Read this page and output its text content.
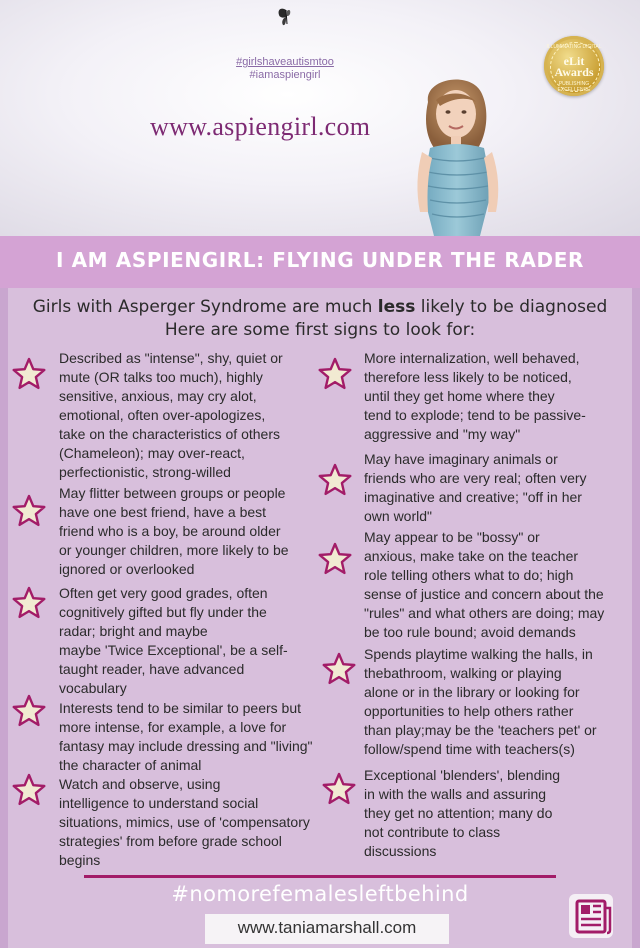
#girlshaveautismtoo
#iamaspiengirl
www.aspiengirl.com
ILLUMINATING DIGITAL
eLit
Awards
PUBLISHING EXCELLENCE
I AM ASPIENGIRL: FLYING UNDER THE RADER
Girls with Asperger Syndrome are much less likely to be diagnosed
Here are some first signs to look for:
Described as "intense", shy, quiet or
mute (OR talks too much), highly
sensitive, anxious, may cry alot,
emotional, often over-apologizes,
take on the characteristics of others
(Chameleon); may over-react,
perfectionistic, strong-willed
May flitter between groups or people
have one best friend, have a best
friend who is a boy, be around older
or younger children, more likely to be
ignored or overlooked
Often get very good grades, often
cognitively gifted but fly under the
radar; bright and maybe
maybe 'Twice Exceptional', be a self-
taught reader, have advanced
vocabulary
Interests tend to be similar to peers but
more intense, for example, a love for
fantasy may include dressing and "living"
the character of animal
Watch and observe, using
intelligence to understand social
situations, mimics, use of 'compensatory
strategies' from before grade school
begins
More internalization, well behaved,
therefore less likely to be noticed,
until they get home where they
tend to explode; tend to be passive-
aggressive and "my way"
May have imaginary animals or
friends who are very real; often very
imaginative and creative; "off in her
own world"
May appear to be "bossy" or
anxious, make take on the teacher
role telling others what to do; high
sense of justice and concern about the
"rules" and what others are doing; may
be too rule bound; avoid demands
Spends playtime walking the halls, in
thebathroom, walking or playing
alone or in the library or looking for
opportunities to help others rather
than play;may be the 'teachers pet' or
follow/spend time with teachers(s)
Exceptional 'blenders', blending
in with the walls and assuring
they get no attention; many do
not contribute to class
discussions
#nomorefemalesleftbehind
www.taniamarshall.com
